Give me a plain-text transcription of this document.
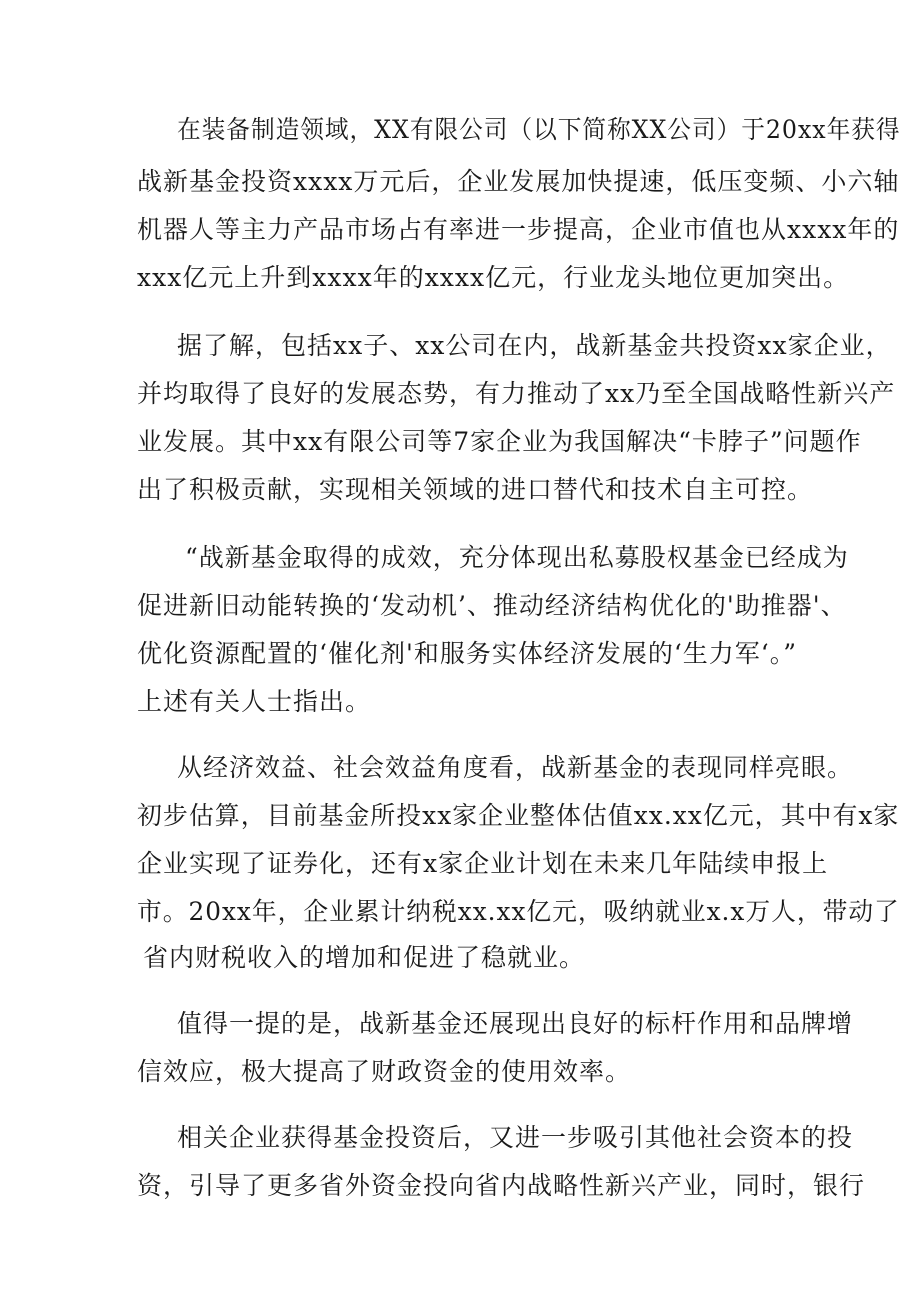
在装备制造领域，XX有限公司（以下简称XX公司）于20xx年获得
战新基金投资xxxx万元后，企业发展加快提速，低压变频、小六轴
机器人等主力产品市场占有率进一步提高，企业市值也从xxxx年的
xxx亿元上升到xxxx年的xxxx亿元，行业龙头地位更加突出。
据了解，包括xx子、xx公司在内，战新基金共投资xx家企业，
并均取得了良好的发展态势，有力推动了xx乃至全国战略性新兴产
业发展。其中xx有限公司等7家企业为我国解决“卡脖子”问题作
出了积极贡献，实现相关领域的进口替代和技术自主可控。
“战新基金取得的成效，充分体现出私募股权基金已经成为
促进新旧动能转换的‘发动机’、推动经济结构优化的'助推器'、
优化资源配置的‘催化剂'和服务实体经济发展的‘生力军‘。”
上述有关人士指出。
从经济效益、社会效益角度看，战新基金的表现同样亮眼。
初步估算，目前基金所投xx家企业整体估值xx.xx亿元，其中有x家
企业实现了证券化，还有x家企业计划在未来几年陆续申报上
市。20xx年，企业累计纳税xx.xx亿元，吸纳就业x.x万人，带动了
省内财税收入的增加和促进了稳就业。
值得一提的是，战新基金还展现出良好的标杆作用和品牌增
信效应，极大提高了财政资金的使用效率。
相关企业获得基金投资后，又进一步吸引其他社会资本的投
资，引导了更多省外资金投向省内战略性新兴产业，同时，银行
